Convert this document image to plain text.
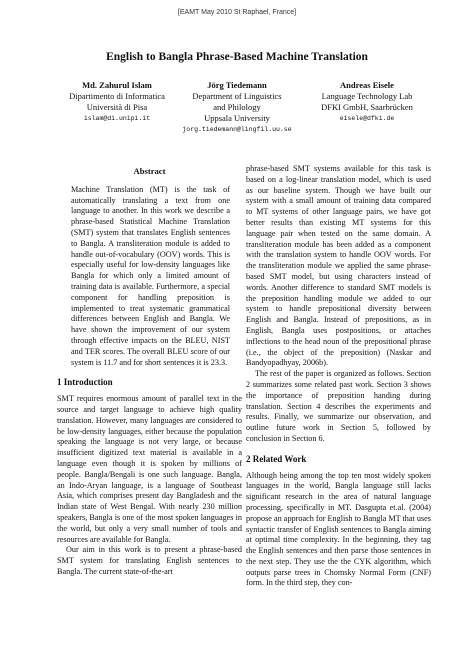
[EAMT May 2010 St Raphael, France]
English to Bangla Phrase-Based Machine Translation
Md. Zahurul Islam
Dipartimento di Informatica
Università di Pisa
islam@di.unipi.it
Jörg Tiedemann
Department of Linguistics
and Philology
Uppsala University
jorg.tiedemann@lingfil.uu.se
Andreas Eisele
Language Technology Lab
DFKI GmbH, Saarbrücken
eisele@dfki.de
Abstract

Machine Translation (MT) is the task of automatically translating a text from one language to another. In this work we describe a phrase-based Statistical Machine Translation (SMT) system that translates English sentences to Bangla. A transliteration module is added to handle out-of-vocabulary (OOV) words. This is especially useful for low-density languages like Bangla for which only a limited amount of training data is available. Furthermore, a special component for handling preposition is implemented to treat systematic grammatical differences between English and Bangla. We have shown the improvement of our system through effective impacts on the BLEU, NIST and TER scores. The overall BLEU score of our system is 11.7 and for short sentences it is 23.3.

1 Introduction

SMT requires enormous amount of parallel text in the source and target language to achieve high quality translation. However, many languages are considered to be low-density languages, either because the population speaking the language is not very large, or because insufficient digitized text material is available in a language even though it is spoken by millions of people. Bangla/Bengali is one such language. Bangla, an Indo-Aryan language, is a language of Southeast Asia, which comprises present day Bangladesh and the Indian state of West Bengal. With nearly 230 million speakers, Bangla is one of the most spoken languages in the world, but only a very small number of tools and resources are available for Bangla.

Our aim in this work is to present a phrase-based SMT system for translating English sentences to Bangla. The current state-of-the-art

phrase-based SMT systems available for this task is based on a log-linear translation model, which is used as our baseline system. Though we have built our system with a small amount of training data compared to MT systems of other language pairs, we have got better results than existing MT systems for this language pair when tested on the same domain. A transliteration module has been added as a component with the translation system to handle OOV words. For the transliteration module we applied the same phrase-based SMT model, but using characters instead of words. Another difference to standard SMT models is the preposition handling module we added to our system to handle prepositional diversity between English and Bangla. Instead of prepositions, as in English, Bangla uses postpositions, or attaches inflections to the head noun of the prepositional phrase (i.e., the object of the preposition) (Naskar and Bandyopadhyay, 2006b).

The rest of the paper is organized as follows. Section 2 summarizes some related past work. Section 3 shows the importance of preposition handing during translation. Section 4 describes the experiments and results. Finally, we summarize our observation, and outline future work in Section 5, followed by conclusion in Section 6.

2 Related Work

Although being among the top ten most widely spoken languages in the world, Bangla language still lacks significant research in the area of natural language processing, specifically in MT. Dasgupta et.al. (2004) propose an approach for English to Bangla MT that uses syntactic transfer of English sentences to Bangla aiming at optimal time complexity. In the beginning, they tag the English sentences and then parse those sentences in the next step. They use the the CYK algorithm, which outputs parse trees in Chomsky Normal Form (CNF) form. In the third step, they con-
